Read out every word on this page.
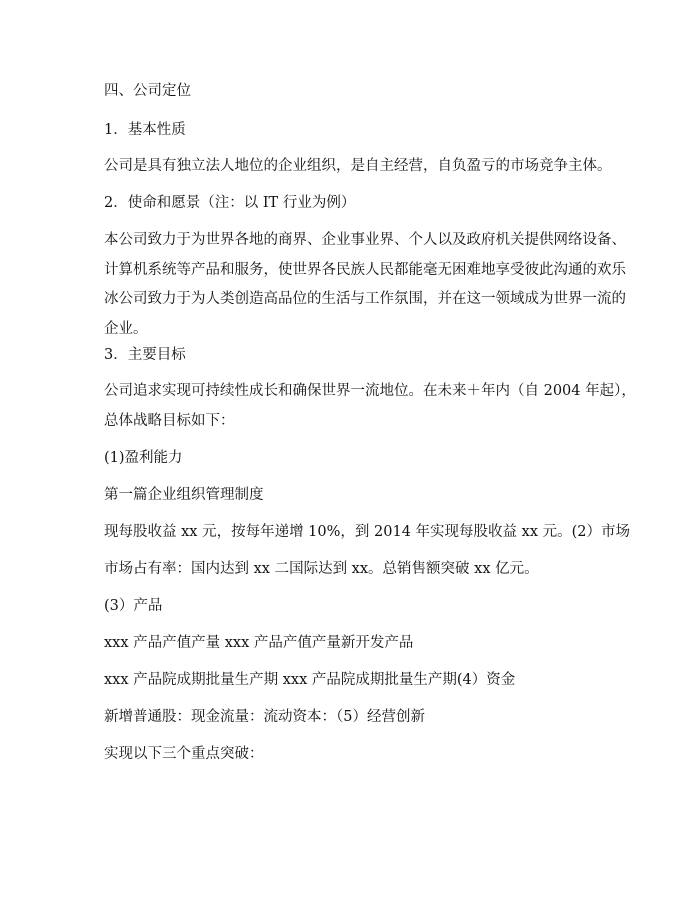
四、公司定位
1．基本性质
公司是具有独立法人地位的企业组织，是自主经营，自负盈亏的市场竞争主体。
2．使命和愿景（注：以 IT 行业为例）
本公司致力于为世界各地的商界、企业事业界、个人以及政府机关提供网络设备、
计算机系统等产品和服务，使世界各民族人民都能毫无困难地享受彼此沟通的欢乐
冰公司致力于为人类创造高品位的生活与工作氛围，并在这一领域成为世界一流的
企业。
3．主要目标
公司追求实现可持续性成长和确保世界一流地位。在未来＋年内（自 2004 年起），
总体战略目标如下：
(1)盈利能力
第一篇企业组织管理制度
现每股收益 xx 元，按每年递增 10%，到 2014 年实现每股收益 xx 元。(2）市场
市场占有率：国内达到 xx 二国际达到 xx。总销售额突破 xx 亿元。
(3）产品
xxx 产品产值产量 xxx 产品产值产量新开发产品
xxx 产品院成期批量生产期 xxx 产品院成期批量生产期(4）资金
新增普通股：现金流量：流动资本：（5）经营创新
实现以下三个重点突破：
